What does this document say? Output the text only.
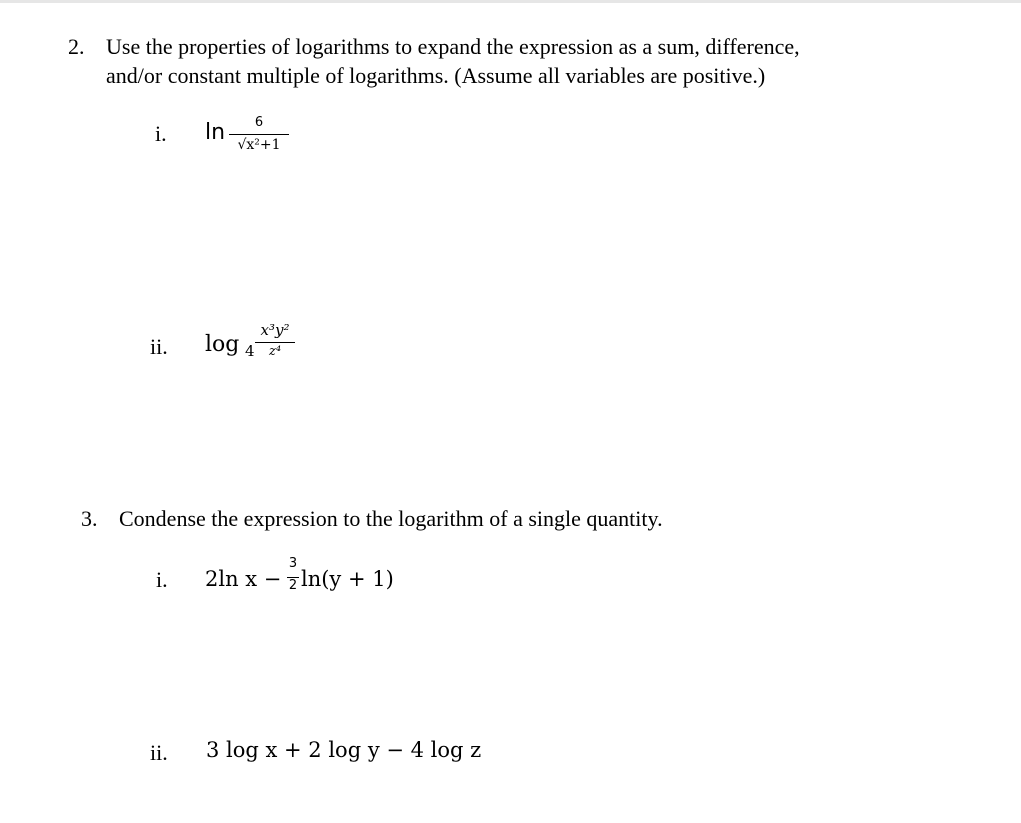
2. Use the properties of logarithms to expand the expression as a sum, difference,
and/or constant multiple of logarithms. (Assume all variables are positive.)
i. ln	6
√x²+1
ii. log 4
x³y²
z⁴
3. Condense the expression to the logarithm of a single quantity.
i. 2ln x −
3
2 ln(y + 1)
ii. 3 log x + 2 log y − 4 log z
